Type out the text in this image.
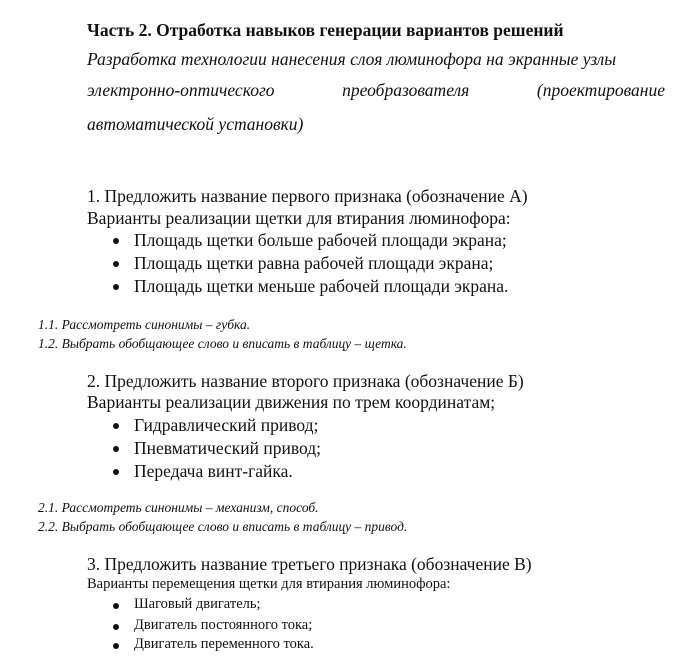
Часть 2. Отработка навыков генерации вариантов решений
Разработка технологии нанесения слоя люминофора на экранные узлы
электронно-оптического	преобразователя	(проектирование
автоматической установки)
1. Предложить название первого признака (обозначение А)
Варианты реализации щетки для втирания люминофора:
Площадь щетки больше рабочей площади экрана;
Площадь щетки равна рабочей площади экрана;
Площадь щетки меньше рабочей площади экрана.
1.1. Рассмотреть синонимы – губка.
1.2. Выбрать обобщающее слово и вписать в таблицу – щетка.
2. Предложить название второго признака (обозначение Б)
Варианты реализации движения по трем координатам;
Гидравлический привод;
Пневматический привод;
Передача винт-гайка.
2.1. Рассмотреть синонимы – механизм, способ.
2.2. Выбрать обобщающее слово и вписать в таблицу – привод.
3. Предложить название третьего признака (обозначение В)
Варианты перемещения щетки для втирания люминофора:
Шаговый двигатель;
Двигатель постоянного тока;
Двигатель переменного тока.
